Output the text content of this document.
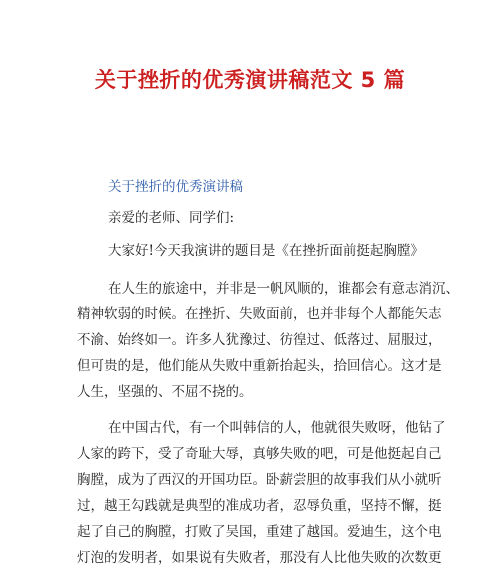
关于挫折的优秀演讲稿范文 5 篇
关于挫折的优秀演讲稿
亲爱的老师、同学们:
大家好!今天我演讲的题目是《在挫折面前挺起胸膛》
在人生的旅途中，并非是一帆风顺的，谁都会有意志消沉、
精神软弱的时候。在挫折、失败面前，也并非每个人都能矢志
不渝、始终如一。许多人犹豫过、彷徨过、低落过、屈服过，
但可贵的是，他们能从失败中重新抬起头，拾回信心。这才是
人生，坚强的、不屈不挠的。
在中国古代，有一个叫韩信的人，他就很失败呀，他钻了
人家的跨下，受了奇耻大辱，真够失败的吧，可是他挺起自己
胸膛，成为了西汉的开国功臣。卧薪尝胆的故事我们从小就听
过，越王勾践就是典型的准成功者，忍辱负重，坚持不懈，挺
起了自己的胸膛，打败了吴国，重建了越国。爱迪生，这个电
灯泡的发明者，如果说有失败者，那没有人比他失败的次数更
